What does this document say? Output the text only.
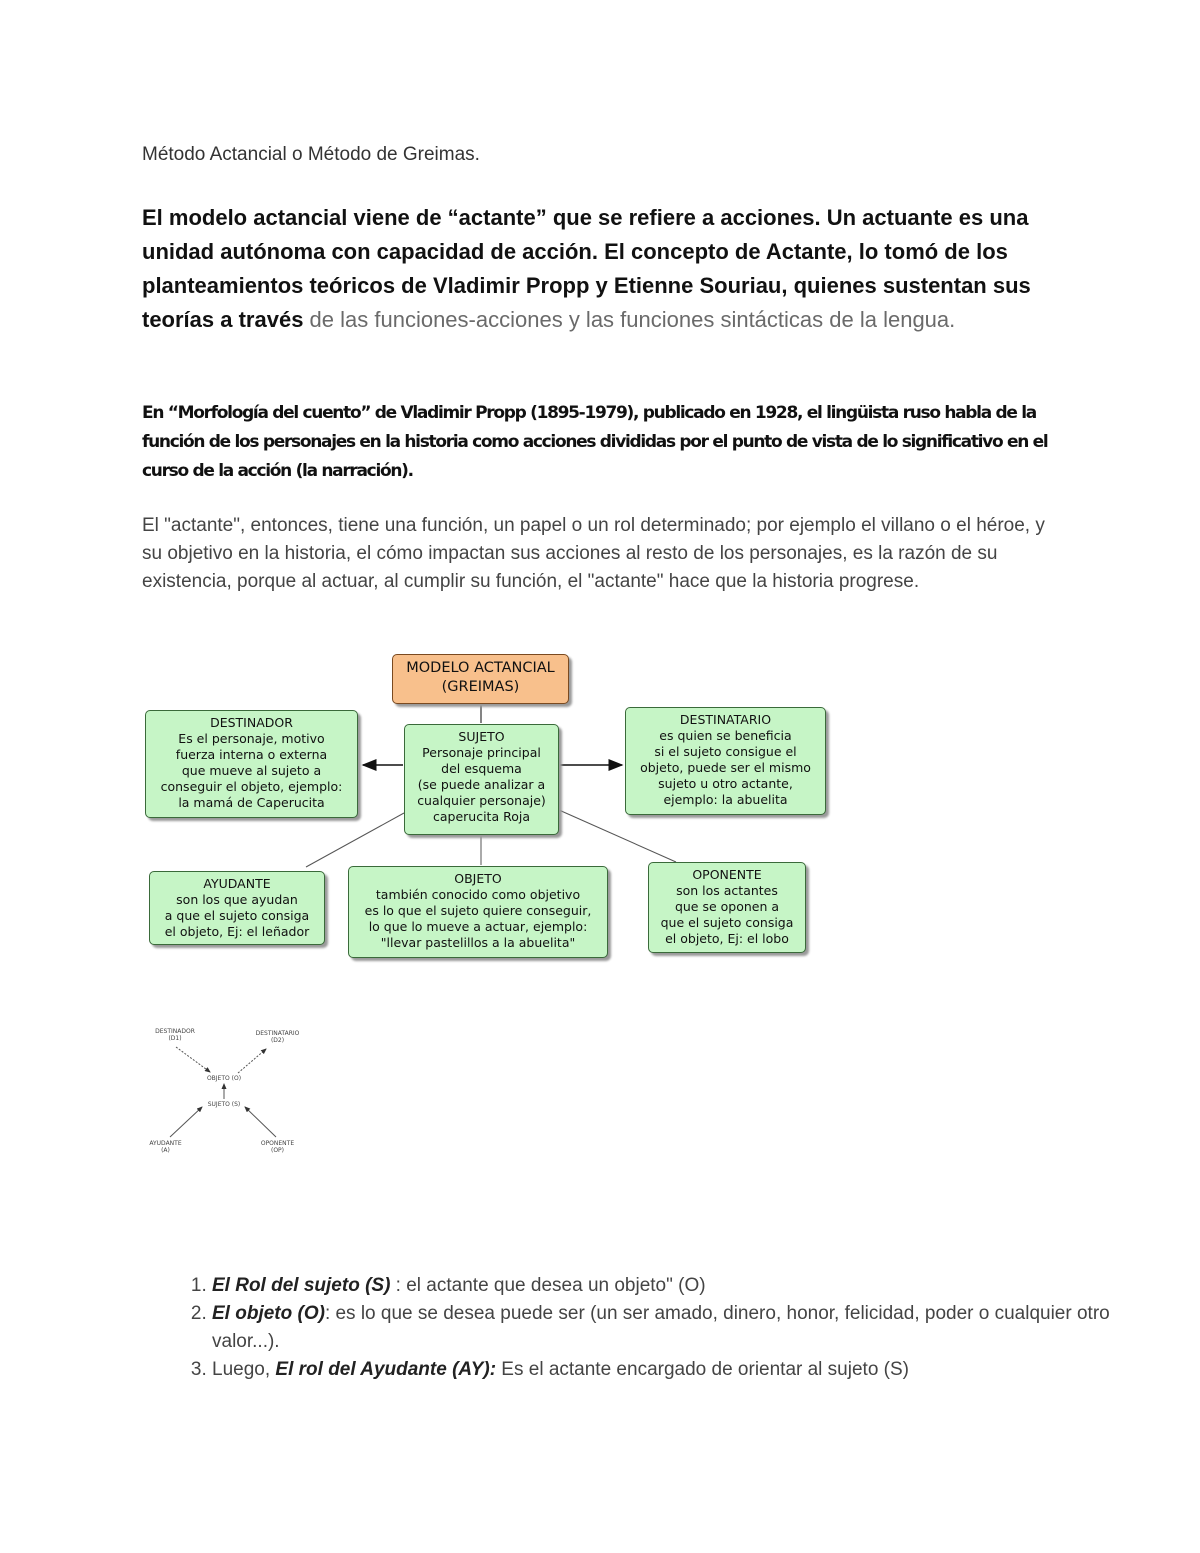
Método Actancial o Método de Greimas.
El modelo actancial viene de “actante” que se refiere a acciones. Un actuante es una unidad autónoma con capacidad de acción. El concepto de Actante, lo tomó de los planteamientos teóricos de Vladimir Propp y Etienne Souriau, quienes sustentan sus teorías a través de las funciones-acciones y las funciones sintácticas de la lengua.
En “Morfología del cuento” de Vladimir Propp (1895-1979), publicado en 1928, el lingüista ruso habla de la función de los personajes en la historia como acciones divididas por el punto de vista de lo significativo en el curso de la acción (la narración).
El "actante", entonces, tiene una función, un papel o un rol determinado; por ejemplo el villano o el héroe, y su objetivo en la historia, el cómo impactan sus acciones al resto de los personajes, es la razón de su existencia, porque al actuar, al cumplir su función, el "actante" hace que la historia progrese.
MODELO ACTANCIAL
(GREIMAS)
DESTINADOR
Es el personaje, motivo
fuerza interna o externa
que mueve al sujeto a
conseguir el objeto, ejemplo:
la mamá de Caperucita
SUJETO
Personaje principal
del esquema
(se puede analizar a
cualquier personaje)
caperucita Roja
DESTINATARIO
es quien se beneficia
si el sujeto consigue el
objeto, puede ser el mismo
sujeto u otro actante,
ejemplo: la abuelita
AYUDANTE
son los que ayudan
a que el sujeto consiga
el objeto, Ej: el leñador
OBJETO
también conocido como objetivo
es lo que el sujeto quiere conseguir,
lo que lo mueve a actuar, ejemplo:
"llevar pastelillos a la abuelita"
OPONENTE
son los actantes
que se oponen a
que el sujeto consiga
el objeto, Ej: el lobo
DESTINADOR
(D1)
DESTINATARIO
(D2)
OBJETO (O)
SUJETO (S)
AYUDANTE
(A)
OPONENTE
(OP)
1. El Rol del sujeto (S) : el actante que desea un objeto" (O)
2. El objeto (O): es lo que se desea puede ser (un ser amado, dinero, honor, felicidad, poder o cualquier otro valor...).
3. Luego, El rol del Ayudante (AY): Es el actante encargado de orientar al sujeto (S)
